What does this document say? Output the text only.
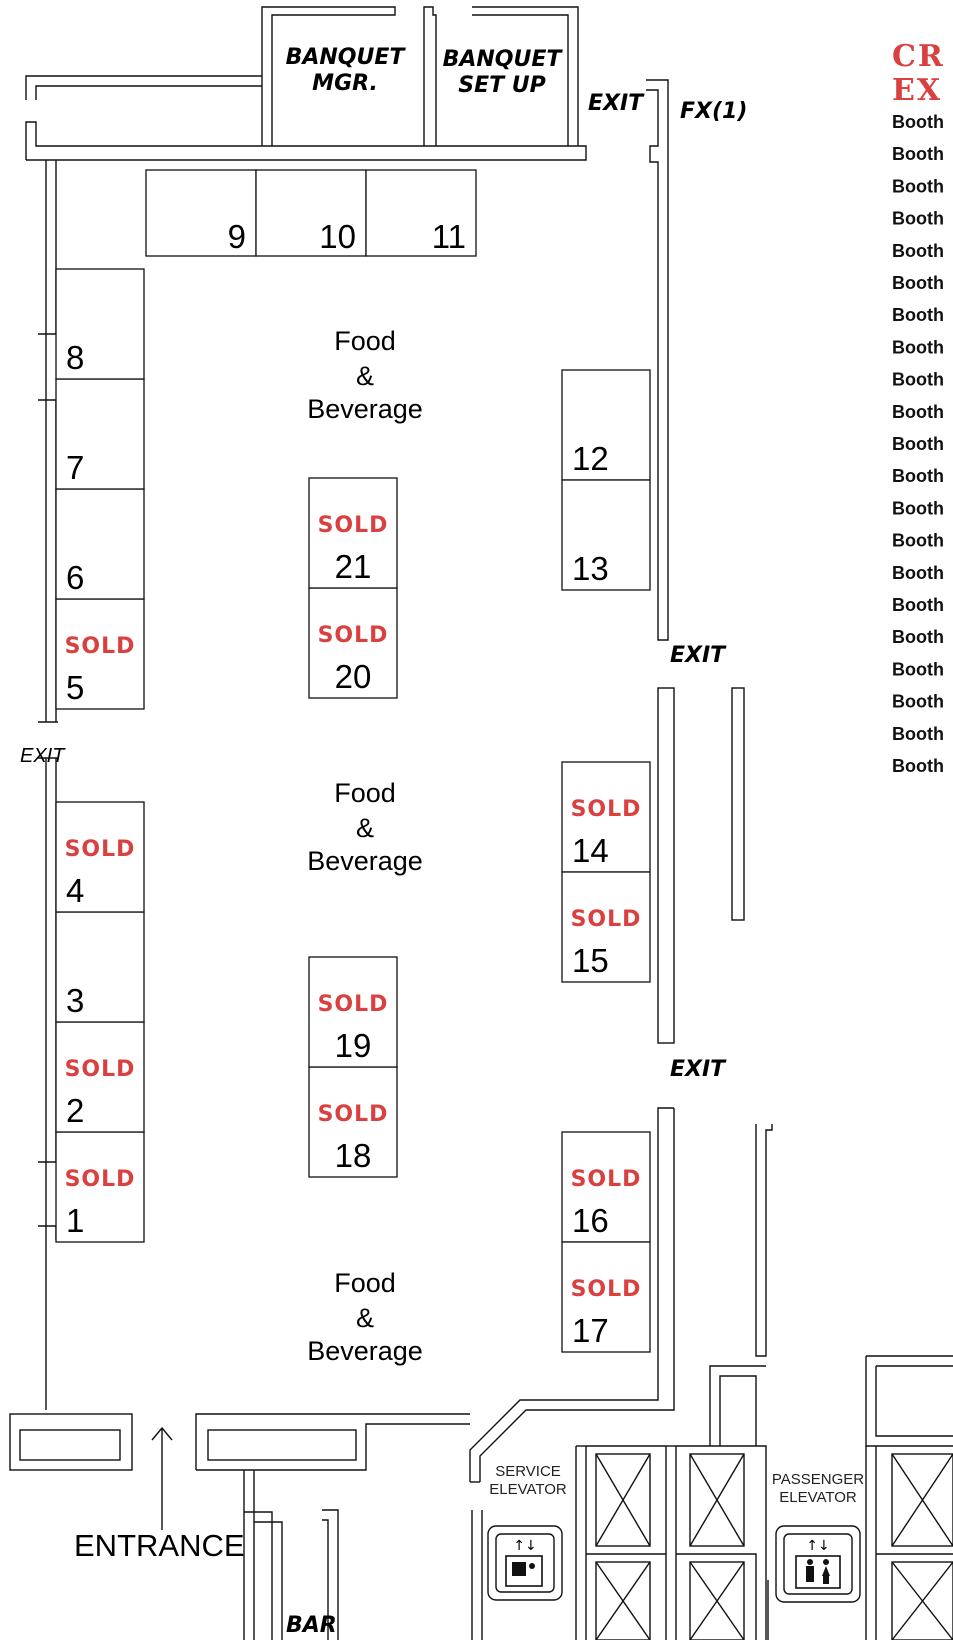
↑↓	↑↓
1
SOLD
2
SOLD
3
4
SOLD
5
SOLD
6
7
8
9 10 11
12
13
14
SOLD
15
SOLD
16
SOLD
17
SOLD
18
SOLD
19
SOLD
20
SOLD
21
SOLD
Food
&
Beverage
Food
&
Beverage
Food
&
Beverage
BANQUET
MGR.
BANQUET
SET UP
EXIT FX(1)
EXIT
EXIT
EXIT
ENTRANCE
SERVICE
ELEVATOR
PASSENGER
ELEVATOR
BAR
CR
EX
Booth
Booth
Booth
Booth
Booth
Booth
Booth
Booth
Booth
Booth
Booth
Booth
Booth
Booth
Booth
Booth
Booth
Booth
Booth
Booth
Booth
